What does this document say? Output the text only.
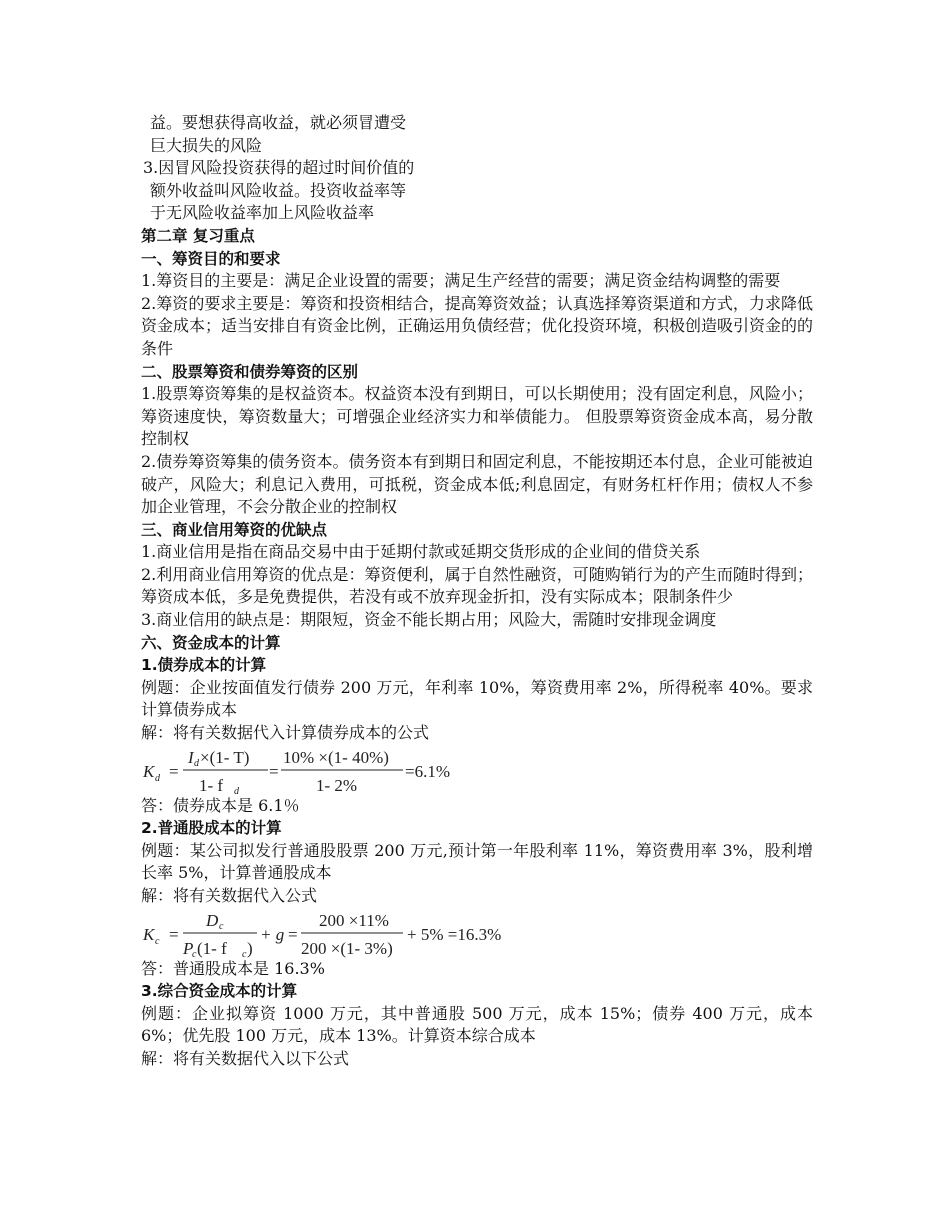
益。要想获得高收益，就必须冒遭受
巨大损失的风险
3.因冒风险投资获得的超过时间价值的
额外收益叫风险收益。投资收益率等
于无风险收益率加上风险收益率
第二章 复习重点
一、筹资目的和要求
1.筹资目的主要是：满足企业设置的需要；满足生产经营的需要；满足资金结构调整的需要
2.筹资的要求主要是：筹资和投资相结合，提高筹资效益；认真选择筹资渠道和方式，力求降低资金成本；适当安排自有资金比例，正确运用负债经营；优化投资环境，积极创造吸引资金的的条件
二、股票筹资和债券筹资的区别
1.股票筹资筹集的是权益资本。权益资本没有到期日，可以长期使用；没有固定利息，风险小；筹资速度快，筹资数量大；可增强企业经济实力和举债能力。 但股票筹资资金成本高，易分散控制权
2.债券筹资筹集的债务资本。债务资本有到期日和固定利息，不能按期还本付息，企业可能被迫破产，风险大；利息记入费用，可抵税，资金成本低;利息固定，有财务杠杆作用；债权人不参加企业管理，不会分散企业的控制权
三、商业信用筹资的优缺点
1.商业信用是指在商品交易中由于延期付款或延期交货形成的企业间的借贷关系
2.利用商业信用筹资的优点是：筹资便利，属于自然性融资，可随购销行为的产生而随时得到；筹资成本低，多是免费提供，若没有或不放弃现金折扣，没有实际成本；限制条件少
3.商业信用的缺点是：期限短，资金不能长期占用；风险大，需随时安排现金调度
六、资金成本的计算
1.债券成本的计算
例题：企业按面值发行债券 200 万元，年利率 10%，筹资费用率 2%，所得税率 40%。要求计算债券成本
解：将有关数据代入计算债券成本的公式
K d =
I d ×(1- T)
1- f d
=
10% ×(1- 40%)
1- 2%
=6.1%
答：债券成本是 6.1％
2.普通股成本的计算
例题：某公司拟发行普通股股票 200 万元,预计第一年股利率 11%，筹资费用率 3%，股利增长率 5%，计算普通股成本
解：将有关数据代入公式
K c =
D c
P
c (1- f c )
+ g =
200 ×11%
200 ×(1- 3%)
+ 5% =16.3%
答：普通股成本是 16.3%
3.综合资金成本的计算
例题：企业拟筹资 1000 万元，其中普通股 500 万元，成本 15%；债券 400 万元，成本 6%；优先股 100 万元，成本 13%。计算资本综合成本
解：将有关数据代入以下公式
